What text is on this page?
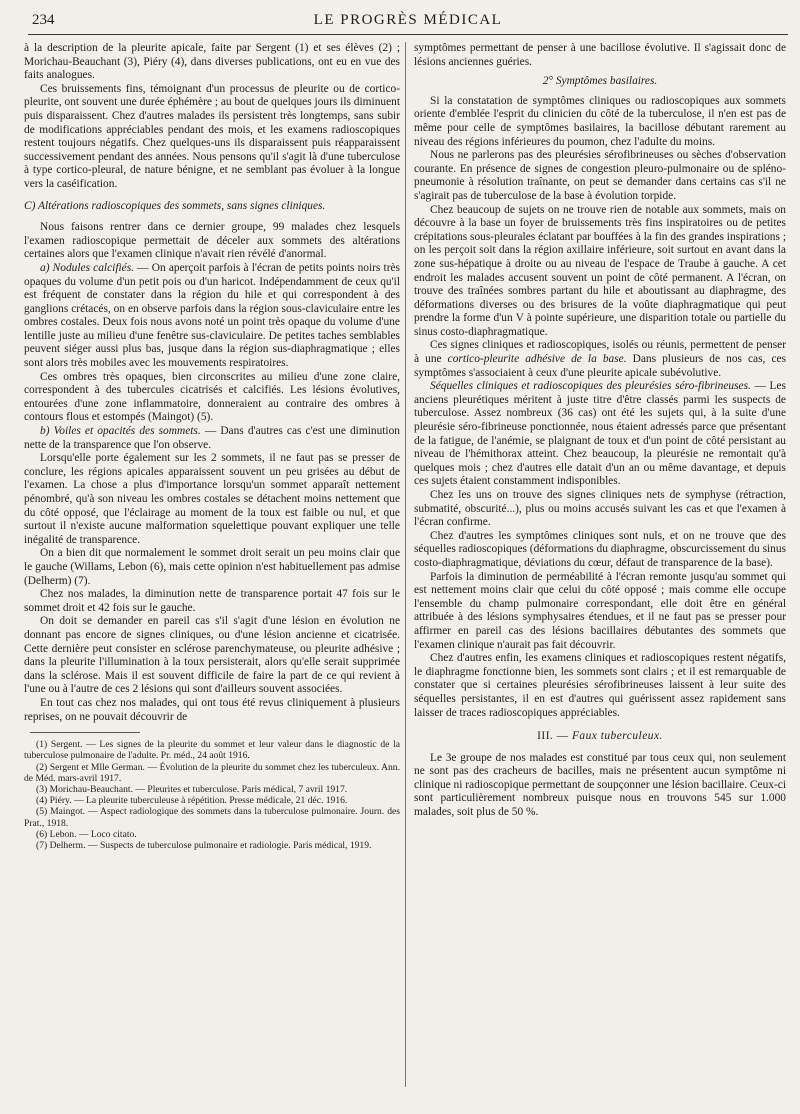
234	LE PROGRÈS MÉDICAL

à la description de la pleurite apicale, faite par Sergent (1) et ses élèves (2) ; Morichau-Beauchant (3), Piéry (4), dans diverses publications, ont eu en vue des faits analogues.

Ces bruissements fins, témoignant d'un processus de pleurite ou de cortico-pleurite, ont souvent une durée éphémère ; au bout de quelques jours ils diminuent puis disparaissent. Chez d'autres malades ils persistent très longtemps, sans subir de modifications appréciables pendant des mois, et les examens radioscopiques restent toujours négatifs. Chez quelques-uns ils disparaissent puis réapparaissent successivement pendant des années. Nous pensons qu'il s'agit là d'une tuberculose à type cortico-pleural, de nature bénigne, et ne semblant pas évoluer à la longue vers la caséification.

C) Altérations radioscopiques des sommets, sans signes cliniques.

Nous faisons rentrer dans ce dernier groupe, 99 malades chez lesquels l'examen radioscopique permettait de déceler aux sommets des altérations certaines alors que l'examen clinique n'avait rien révélé d'anormal.

a) Nodules calcifiés. — On aperçoit parfois à l'écran de petits points noirs très opaques du volume d'un petit pois ou d'un haricot. Indépendamment de ceux qu'il est fréquent de constater dans la région du hile et qui correspondent à des ganglions crétacés, on en observe parfois dans la région sous-claviculaire entre les ombres costales. Deux fois nous avons noté un point très opaque du volume d'une lentille juste au milieu d'une fenêtre sus-claviculaire. De petites taches semblables peuvent siéger aussi plus bas, jusque dans la région sus-diaphragmatique ; elles sont alors très mobiles avec les mouvements respiratoires.

Ces ombres très opaques, bien circonscrites au milieu d'une zone claire, correspondent à des tubercules cicatrisés et calcifiés. Les lésions évolutives, entourées d'une zone inflammatoire, donneraient au contraire des ombres à contours flous et estompés (Maingot) (5).

b) Voiles et opacités des sommets. — Dans d'autres cas c'est une diminution nette de la transparence que l'on observe.

Lorsqu'elle porte également sur les 2 sommets, il ne faut pas se presser de conclure, les régions apicales apparaissent souvent un peu grisées au début de l'examen. La chose a plus d'importance lorsqu'un sommet apparaît nettement pénombré, qu'à son niveau les ombres costales se détachent moins nettement que du côté opposé, que l'éclairage au moment de la toux est faible ou nul, et que surtout il n'existe aucune malformation squelettique pouvant expliquer une telle inégalité de transparence.

On a bien dit que normalement le sommet droit serait un peu moins clair que le gauche (Willams, Lebon (6), mais cette opinion n'est habituellement pas admise (Delherm) (7).

Chez nos malades, la diminution nette de transparence portait 47 fois sur le sommet droit et 42 fois sur le gauche.

On doit se demander en pareil cas s'il s'agit d'une lésion en évolution ne donnant pas encore de signes cliniques, ou d'une lésion ancienne et cicatrisée. Cette dernière peut consister en sclérose parenchymateuse, ou pleurite adhésive ; dans la pleurite l'illumination à la toux persisterait, alors qu'elle serait supprimée dans la sclérose. Mais il est souvent difficile de faire la part de ce qui revient à l'une ou à l'autre de ces 2 lésions qui sont d'ailleurs souvent associées.

En tout cas chez nos malades, qui ont tous été revus cliniquement à plusieurs reprises, on ne pouvait découvrir de

(1) Sergent. — Les signes de la pleurite du sommet et leur valeur dans le diagnostic de la tuberculose pulmonaire de l'adulte. Pr. méd., 24 août 1916.

(2) Sergent et Mlle German. — Évolution de la pleurite du sommet chez les tuberculeux. Ann. de Méd. mars-avril 1917.

(3) Morichau-Beauchant. — Pleurites et tuberculose. Paris médical, 7 avril 1917.

(4) Piéry. — La pleurite tuberculeuse à répétition. Presse médicale, 21 déc. 1916.

(5) Maingot. — Aspect radiologique des sommets dans la tuberculose pulmonaire. Journ. des Prat., 1918.

(6) Lebon. — Loco citato.

(7) Delherm. — Suspects de tuberculose pulmonaire et radiologie. Paris médical, 1919.

symptômes permettant de penser à une bacillose évolutive. Il s'agissait donc de lésions anciennes guéries.

2° Symptômes basilaires.

Si la constatation de symptômes cliniques ou radioscopiques aux sommets oriente d'emblée l'esprit du clinicien du côté de la tuberculose, il n'en est pas de même pour celle de symptômes basilaires, la bacillose débutant rarement au niveau des régions inférieures du poumon, chez l'adulte du moins.

Nous ne parlerons pas des pleurésies sérofibrineuses ou sèches d'observation courante. En présence de signes de congestion pleuro-pulmonaire ou de spléno-pneumonie à résolution traînante, on peut se demander dans certains cas s'il ne s'agirait pas de tuberculose de la base à évolution torpide.

Chez beaucoup de sujets on ne trouve rien de notable aux sommets, mais on découvre à la base un foyer de bruissements très fins inspiratoires ou de petites crépitations sous-pleurales éclatant par bouffées à la fin des grandes inspirations ; on les perçoit soit dans la région axillaire inférieure, soit surtout en avant dans la zone sus-hépatique à droite ou au niveau de l'espace de Traube à gauche. A cet endroit les malades accusent souvent un point de côté permanent. A l'écran, on trouve des traînées sombres partant du hile et aboutissant au diaphragme, des déformations diverses ou des brisures de la voûte diaphragmatique qui peut prendre la forme d'un V à pointe supérieure, une disparition totale ou partielle du sinus costo-diaphragmatique.

Ces signes cliniques et radioscopiques, isolés ou réunis, permettent de penser à une cortico-pleurite adhésive de la base. Dans plusieurs de nos cas, ces symptômes s'associaient à ceux d'une pleurite apicale subévolutive.

Séquelles cliniques et radioscopiques des pleurésies séro-fibrineuses. — Les anciens pleurétiques méritent à juste titre d'être classés parmi les suspects de tuberculose. Assez nombreux (36 cas) ont été les sujets qui, à la suite d'une pleurésie séro-fibrineuse ponctionnée, nous étaient adressés parce que présentant de la fatigue, de l'anémie, se plaignant de toux et d'un point de côté persistant au niveau de l'hémithorax atteint. Chez beaucoup, la pleurésie ne remontait qu'à quelques mois ; chez d'autres elle datait d'un an ou même davantage, et depuis ces sujets étaient constamment indisponibles.

Chez les uns on trouve des signes cliniques nets de symphyse (rétraction, submatité, obscurité...), plus ou moins accusés suivant les cas et que l'examen à l'écran confirme.

Chez d'autres les symptômes cliniques sont nuls, et on ne trouve que des séquelles radioscopiques (déformations du diaphragme, obscurcissement du sinus costo-diaphragmatique, déviations du cœur, défaut de transparence de la base).

Parfois la diminution de perméabilité à l'écran remonte jusqu'au sommet qui est nettement moins clair que celui du côté opposé ; mais comme elle occupe l'ensemble du champ pulmonaire correspondant, elle doit être en général attribuée à des lésions symphysaires étendues, et il ne faut pas se presser pour affirmer en pareil cas des lésions bacillaires débutantes des sommets que l'examen clinique n'aurait pas fait découvrir.

Chez d'autres enfin, les examens cliniques et radioscopiques restent négatifs, le diaphragme fonctionne bien, les sommets sont clairs ; et il est remarquable de constater que si certaines pleurésies sérofibrineuses laissent à leur suite des séquelles persistantes, il en est d'autres qui guérissent assez rapidement sans laisser de traces radioscopiques appréciables.

III. — Faux tuberculeux.

Le 3e groupe de nos malades est constitué par tous ceux qui, non seulement ne sont pas des cracheurs de bacilles, mais ne présentent aucun symptôme ni clinique ni radioscopique permettant de soupçonner une lésion bacillaire. Ceux-ci sont particulièrement nombreux puisque nous en trouvons 545 sur 1.000 malades, soit plus de 50 %.
